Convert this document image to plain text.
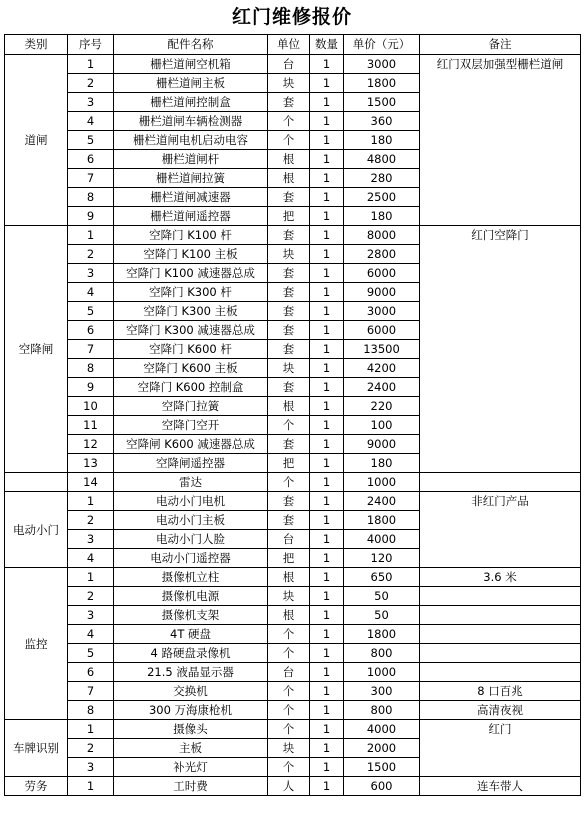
红门维修报价
类别	序号	配件名称	单位	数量	单价（元）	备注
道闸	1	栅栏道闸空机箱	台	1	3000	红门双层加强型栅栏道闸
	2	栅栏道闸主板	块	1	1800	
	3	栅栏道闸控制盒	套	1	1500	
	4	栅栏道闸车辆检测器	个	1	360	
	5	栅栏道闸电机启动电容	个	1	180	
	6	栅栏道闸杆	根	1	4800	
	7	栅栏道闸拉簧	根	1	280	
	8	栅栏道闸减速器	套	1	2500	
	9	栅栏道闸遥控器	把	1	180	
空降闸	1	空降门 K100 杆	套	1	8000	红门空降门
	2	空降门 K100 主板	块	1	2800	
	3	空降门 K100 减速器总成	套	1	6000	
	4	空降门 K300 杆	套	1	9000	
	5	空降门 K300 主板	套	1	3000	
	6	空降门 K300 减速器总成	套	1	6000	
	7	空降门 K600 杆	套	1	13500	
	8	空降门 K600 主板	块	1	4200	
	9	空降门 K600 控制盒	套	1	2400	
	10	空降门拉簧	根	1	220	
	11	空降门空开	个	1	100	
	12	空降闸 K600 减速器总成	套	1	9000	
	13	空降闸遥控器	把	1	180	
	14	雷达	个	1	1000	
电动小门	1	电动小门电机	套	1	2400	非红门产品
	2	电动小门主板	套	1	1800	
	3	电动小门人脸	台	1	4000	
	4	电动小门遥控器	把	1	120	
监控	1	摄像机立柱	根	1	650	3.6 米
	2	摄像机电源	块	1	50	
	3	摄像机支架	根	1	50	
	4	4T 硬盘	个	1	1800	
	5	4 路硬盘录像机	个	1	800	
	6	21.5 液晶显示器	台	1	1000	
	7	交换机	个	1	300	8 口百兆
	8	300 万海康枪机	个	1	800	高清夜视
车牌识别	1	摄像头	个	1	4000	红门
	2	主板	块	1	2000	
	3	补光灯	个	1	1500	
劳务	1	工时费	人	1	600	连车带人
